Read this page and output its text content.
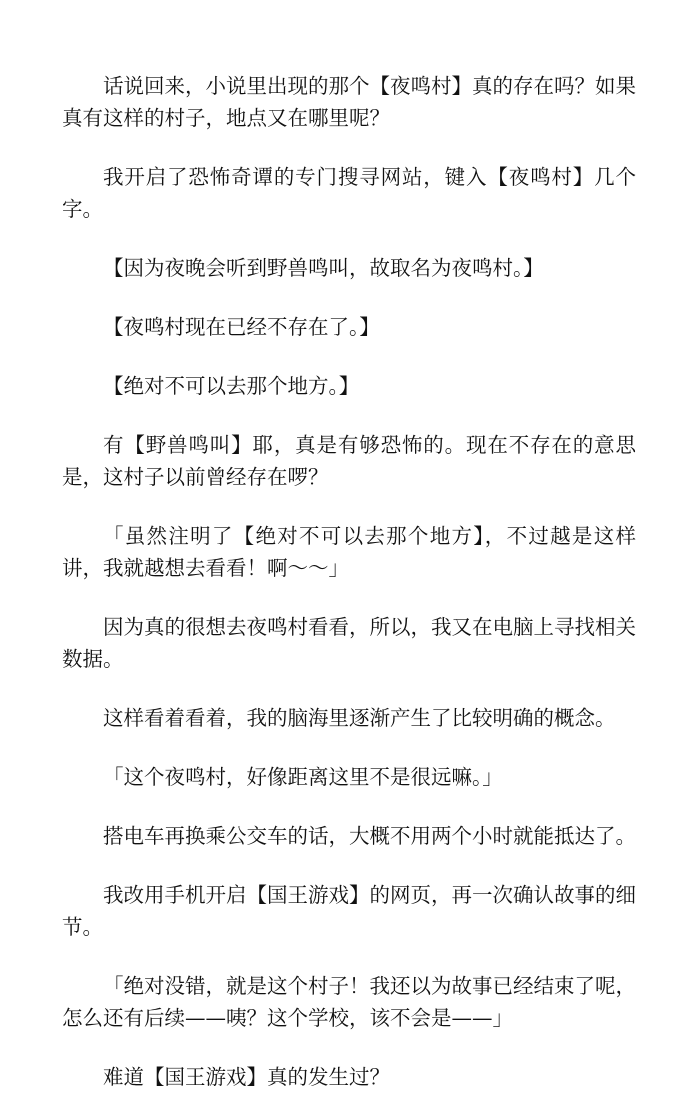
话说回来，小说里出现的那个【夜鸣村】真的存在吗？如果真有这样的村子，地点又在哪里呢？

我开启了恐怖奇谭的专门搜寻网站，键入【夜鸣村】几个字。

【因为夜晚会听到野兽鸣叫，故取名为夜鸣村。】

【夜鸣村现在已经不存在了。】

【绝对不可以去那个地方。】

有【野兽鸣叫】耶，真是有够恐怖的。现在不存在的意思是，这村子以前曾经存在啰？

「虽然注明了【绝对不可以去那个地方】，不过越是这样讲，我就越想去看看！啊～～」

因为真的很想去夜鸣村看看，所以，我又在电脑上寻找相关数据。

这样看着看着，我的脑海里逐渐产生了比较明确的概念。

「这个夜鸣村，好像距离这里不是很远嘛。」

搭电车再换乘公交车的话，大概不用两个小时就能抵达了。

我改用手机开启【国王游戏】的网页，再一次确认故事的细节。

「绝对没错，就是这个村子！我还以为故事已经结束了呢，怎么还有后续——咦？这个学校，该不会是——」

难道【国王游戏】真的发生过？
